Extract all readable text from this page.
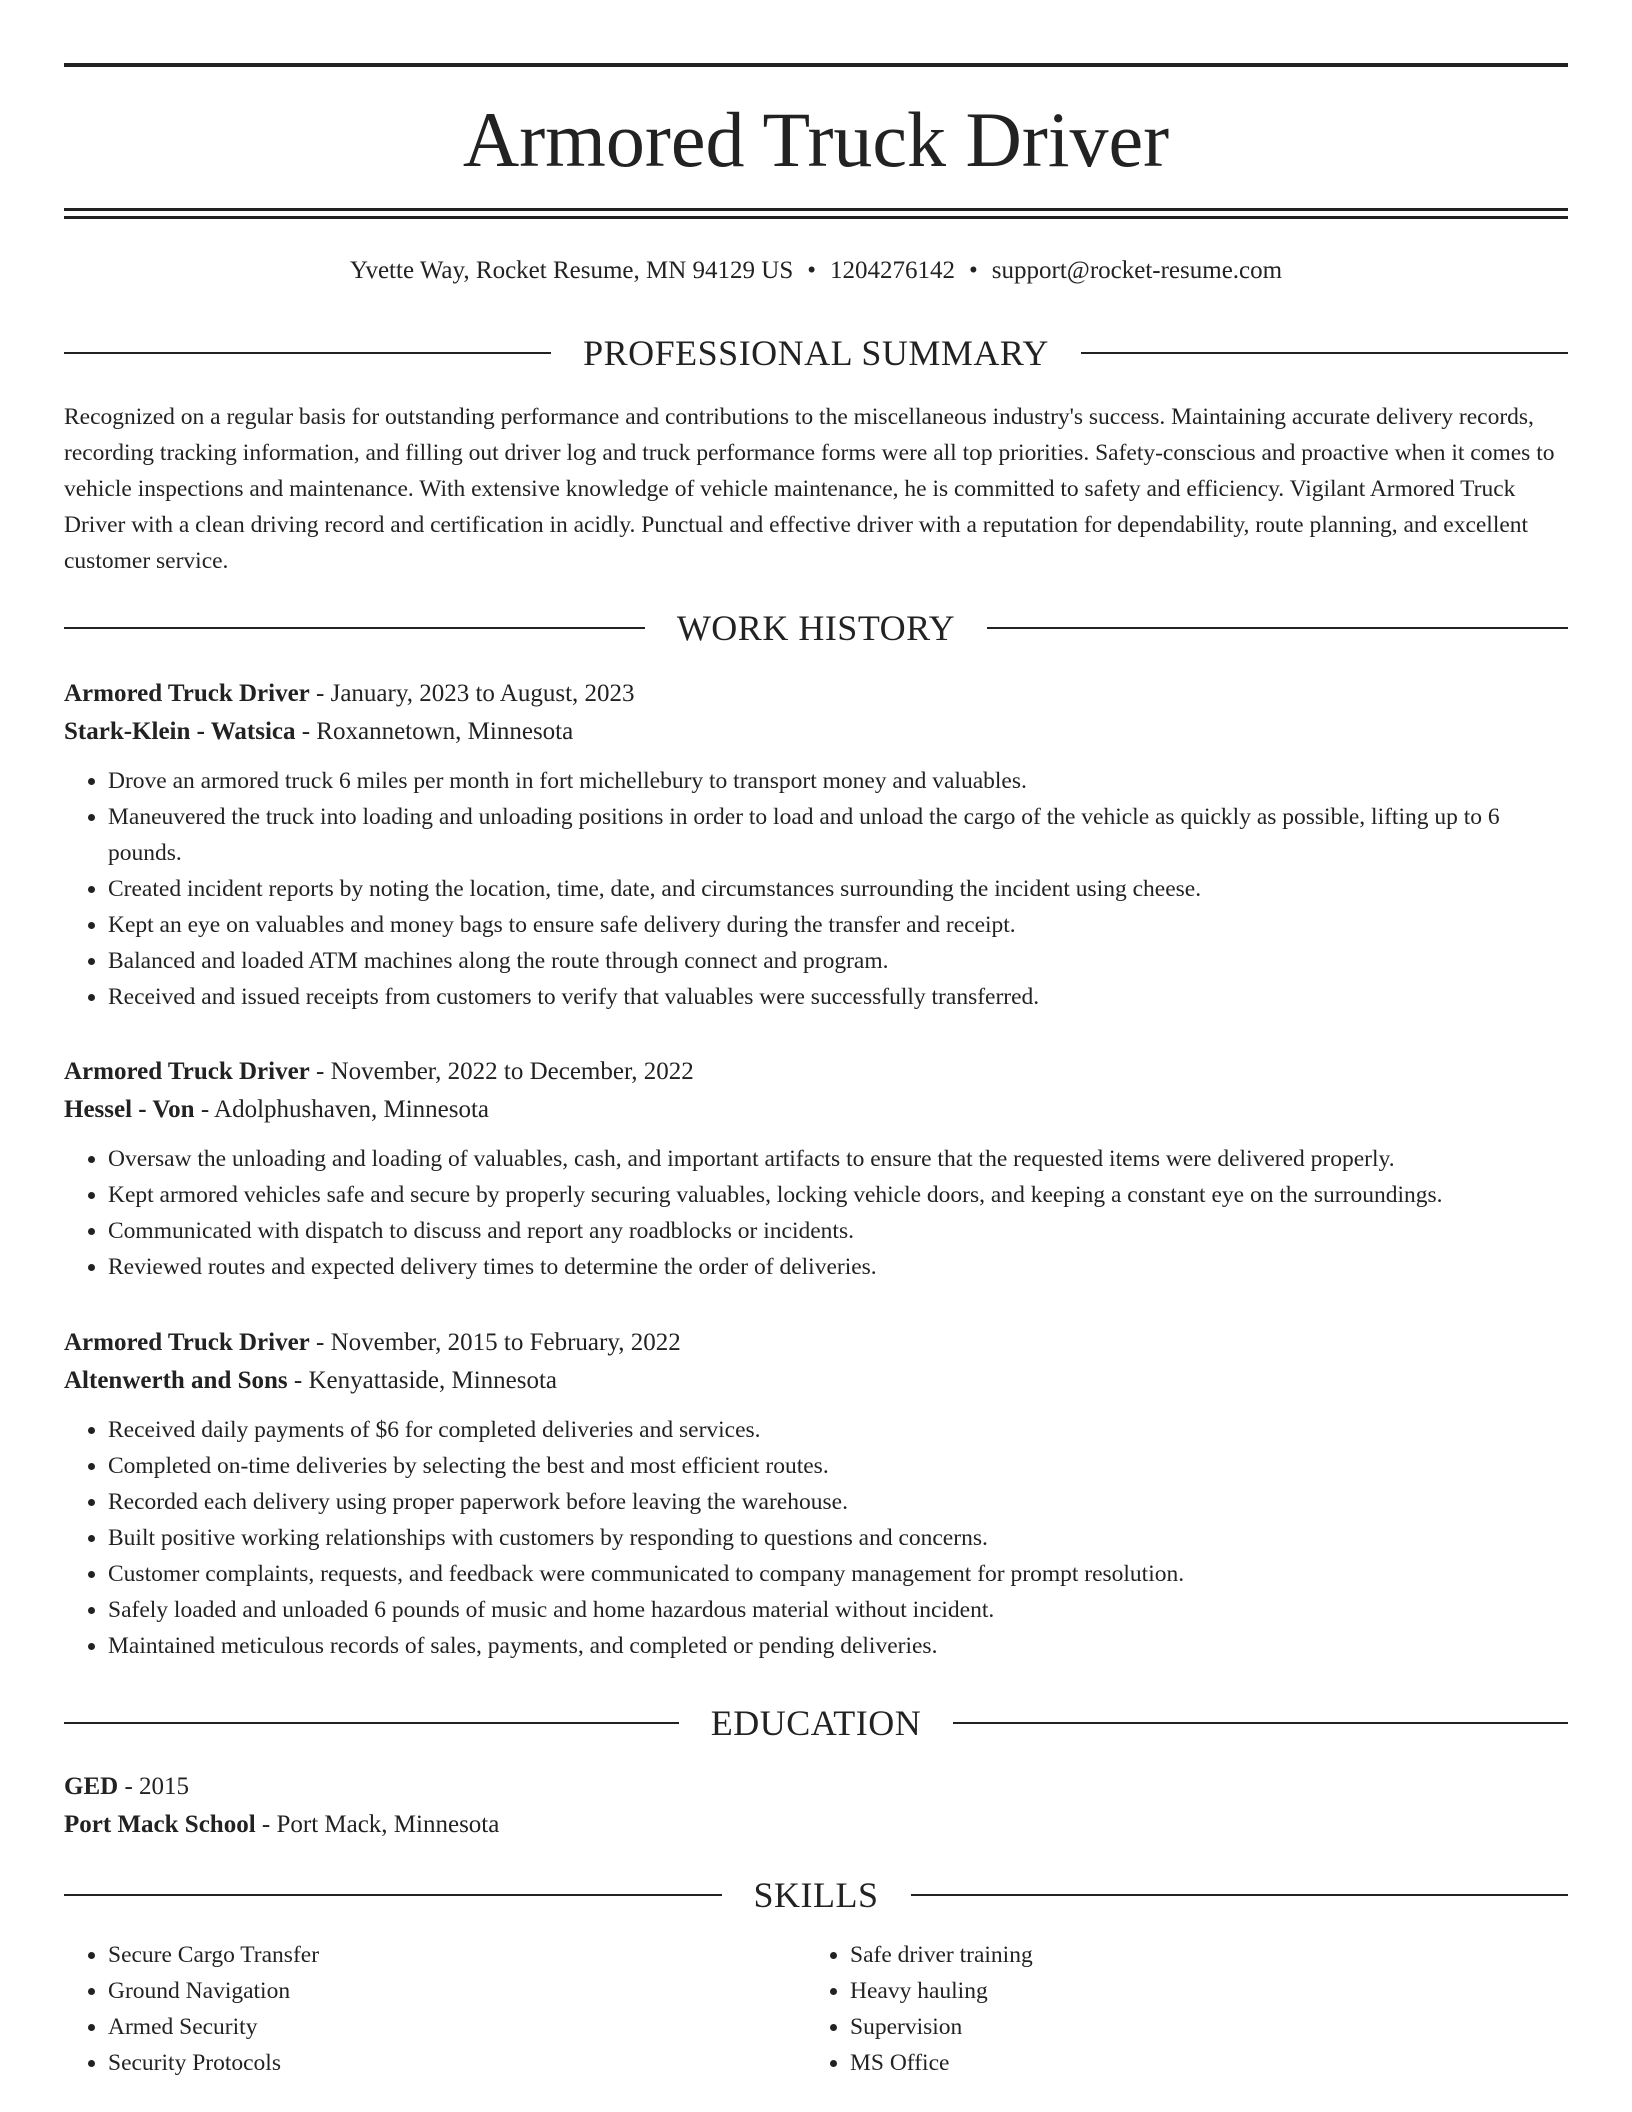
Armored Truck Driver
Yvette Way, Rocket Resume, MN 94129 US • 1204276142 • support@rocket-resume.com
PROFESSIONAL SUMMARY

Recognized on a regular basis for outstanding performance and contributions to the miscellaneous industry's success. Maintaining accurate delivery records, recording tracking information, and filling out driver log and truck performance forms were all top priorities. Safety-conscious and proactive when it comes to vehicle inspections and maintenance. With extensive knowledge of vehicle maintenance, he is committed to safety and efficiency. Vigilant Armored Truck Driver with a clean driving record and certification in acidly. Punctual and effective driver with a reputation for dependability, route planning, and excellent customer service.

WORK HISTORY

Armored Truck Driver - January, 2023 to August, 2023

Stark-Klein - Watsica - Roxannetown, Minnesota

• Drove an armored truck 6 miles per month in fort michellebury to transport money and valuables.
• Maneuvered the truck into loading and unloading positions in order to load and unload the cargo of the vehicle as quickly as possible, lifting up to 6 pounds.
• Created incident reports by noting the location, time, date, and circumstances surrounding the incident using cheese.
• Kept an eye on valuables and money bags to ensure safe delivery during the transfer and receipt.
• Balanced and loaded ATM machines along the route through connect and program.
• Received and issued receipts from customers to verify that valuables were successfully transferred.

Armored Truck Driver - November, 2022 to December, 2022

Hessel - Von - Adolphushaven, Minnesota

• Oversaw the unloading and loading of valuables, cash, and important artifacts to ensure that the requested items were delivered properly.
• Kept armored vehicles safe and secure by properly securing valuables, locking vehicle doors, and keeping a constant eye on the surroundings.
• Communicated with dispatch to discuss and report any roadblocks or incidents.
• Reviewed routes and expected delivery times to determine the order of deliveries.

Armored Truck Driver - November, 2015 to February, 2022

Altenwerth and Sons - Kenyattaside, Minnesota

• Received daily payments of $6 for completed deliveries and services.
• Completed on-time deliveries by selecting the best and most efficient routes.
• Recorded each delivery using proper paperwork before leaving the warehouse.
• Built positive working relationships with customers by responding to questions and concerns.
• Customer complaints, requests, and feedback were communicated to company management for prompt resolution.
• Safely loaded and unloaded 6 pounds of music and home hazardous material without incident.
• Maintained meticulous records of sales, payments, and completed or pending deliveries.
EDUCATION

GED - 2015

Port Mack School - Port Mack, Minnesota

SKILLS
• Secure Cargo Transfer
• Ground Navigation
• Armed Security
• Security Protocols
• Safe driver training
• Heavy hauling
• Supervision
• MS Office
